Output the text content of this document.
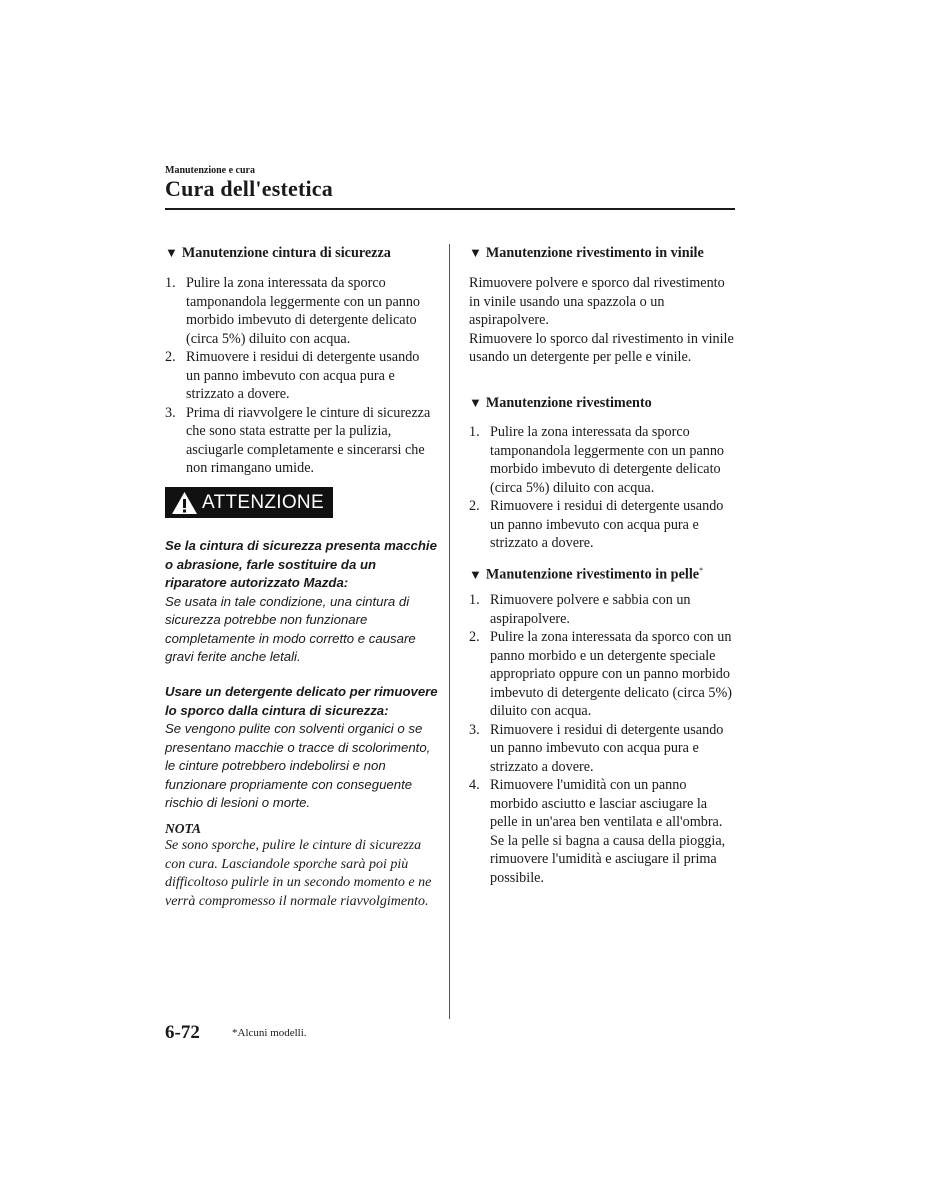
Manutenzione e cura
Cura dell'estetica
▼ Manutenzione cintura di sicurezza
1. Pulire la zona interessata da sporco tamponandola leggermente con un panno morbido imbevuto di detergente delicato (circa 5%) diluito con acqua.
2. Rimuovere i residui di detergente usando un panno imbevuto con acqua pura e strizzato a dovere.
3. Prima di riavvolgere le cinture di sicurezza che sono stata estratte per la pulizia, asciugarle completamente e sincerarsi che non rimangano umide.
ATTENZIONE
Se la cintura di sicurezza presenta macchie o abrasione, farle sostituire da un riparatore autorizzato Mazda:
Se usata in tale condizione, una cintura di sicurezza potrebbe non funzionare completamente in modo corretto e causare gravi ferite anche letali.
Usare un detergente delicato per rimuovere lo sporco dalla cintura di sicurezza:
Se vengono pulite con solventi organici o se presentano macchie o tracce di scolorimento, le cinture potrebbero indebolirsi e non funzionare propriamente con conseguente rischio di lesioni o morte.
NOTA
Se sono sporche, pulire le cinture di sicurezza con cura. Lasciandole sporche sarà poi più difficoltoso pulirle in un secondo momento e ne verrà compromesso il normale riavvolgimento.
▼ Manutenzione rivestimento in vinile
Rimuovere polvere e sporco dal rivestimento in vinile usando una spazzola o un aspirapolvere.
Rimuovere lo sporco dal rivestimento in vinile usando un detergente per pelle e vinile.
▼ Manutenzione rivestimento
1. Pulire la zona interessata da sporco tamponandola leggermente con un panno morbido imbevuto di detergente delicato (circa 5%) diluito con acqua.
2. Rimuovere i residui di detergente usando un panno imbevuto con acqua pura e strizzato a dovere.
▼ Manutenzione rivestimento in pelle*
1. Rimuovere polvere e sabbia con un aspirapolvere.
2. Pulire la zona interessata da sporco con un panno morbido e un detergente speciale appropriato oppure con un panno morbido imbevuto di detergente delicato (circa 5%) diluito con acqua.
3. Rimuovere i residui di detergente usando un panno imbevuto con acqua pura e strizzato a dovere.
4. Rimuovere l'umidità con un panno morbido asciutto e lasciar asciugare la pelle in un'area ben ventilata e all'ombra. Se la pelle si bagna a causa della pioggia, rimuovere l'umidità e asciugare il prima possibile.
6-72	*Alcuni modelli.
